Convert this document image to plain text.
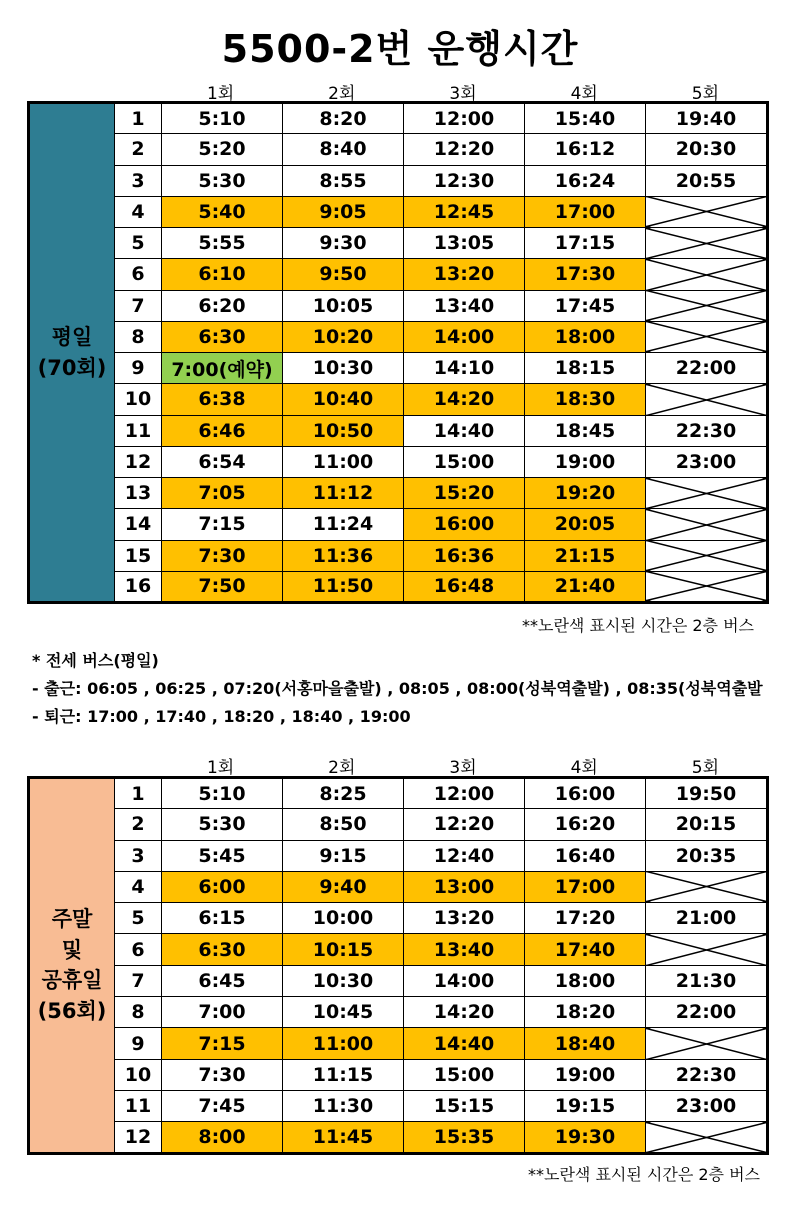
5500-2번 운행시간
1회	2회	3회	4회	5회
평일
(70회)	1	5:10	8:20	12:00	15:40	19:40
	2	5:20	8:40	12:20	16:12	20:30
	3	5:30	8:55	12:30	16:24	20:55
	4	5:40	9:05	12:45	17:00	
	5	5:55	9:30	13:05	17:15	
	6	6:10	9:50	13:20	17:30	
	7	6:20	10:05	13:40	17:45	
	8	6:30	10:20	14:00	18:00	
	9	7:00(예약)	10:30	14:10	18:15	22:00
	10	6:38	10:40	14:20	18:30	
	11	6:46	10:50	14:40	18:45	22:30
	12	6:54	11:00	15:00	19:00	23:00
	13	7:05	11:12	15:20	19:20	
	14	7:15	11:24	16:00	20:05	
	15	7:30	11:36	16:36	21:15	
	16	7:50	11:50	16:48	21:40	
**노란색 표시된 시간은 2층 버스
* 전세 버스(평일)
- 출근: 06:05 , 06:25 , 07:20(서홍마을출발) , 08:05 , 08:00(성북역출발) , 08:35(성북역출발
- 퇴근: 17:00 , 17:40 , 18:20 , 18:40 , 19:00
1회	2회	3회	4회	5회
주말
및
공휴일
(56회)	1	5:10	8:25	12:00	16:00	19:50
	2	5:30	8:50	12:20	16:20	20:15
	3	5:45	9:15	12:40	16:40	20:35
	4	6:00	9:40	13:00	17:00	
	5	6:15	10:00	13:20	17:20	21:00
	6	6:30	10:15	13:40	17:40	
	7	6:45	10:30	14:00	18:00	21:30
	8	7:00	10:45	14:20	18:20	22:00
	9	7:15	11:00	14:40	18:40	
	10	7:30	11:15	15:00	19:00	22:30
	11	7:45	11:30	15:15	19:15	23:00
	12	8:00	11:45	15:35	19:30	
**노란색 표시된 시간은 2층 버스
